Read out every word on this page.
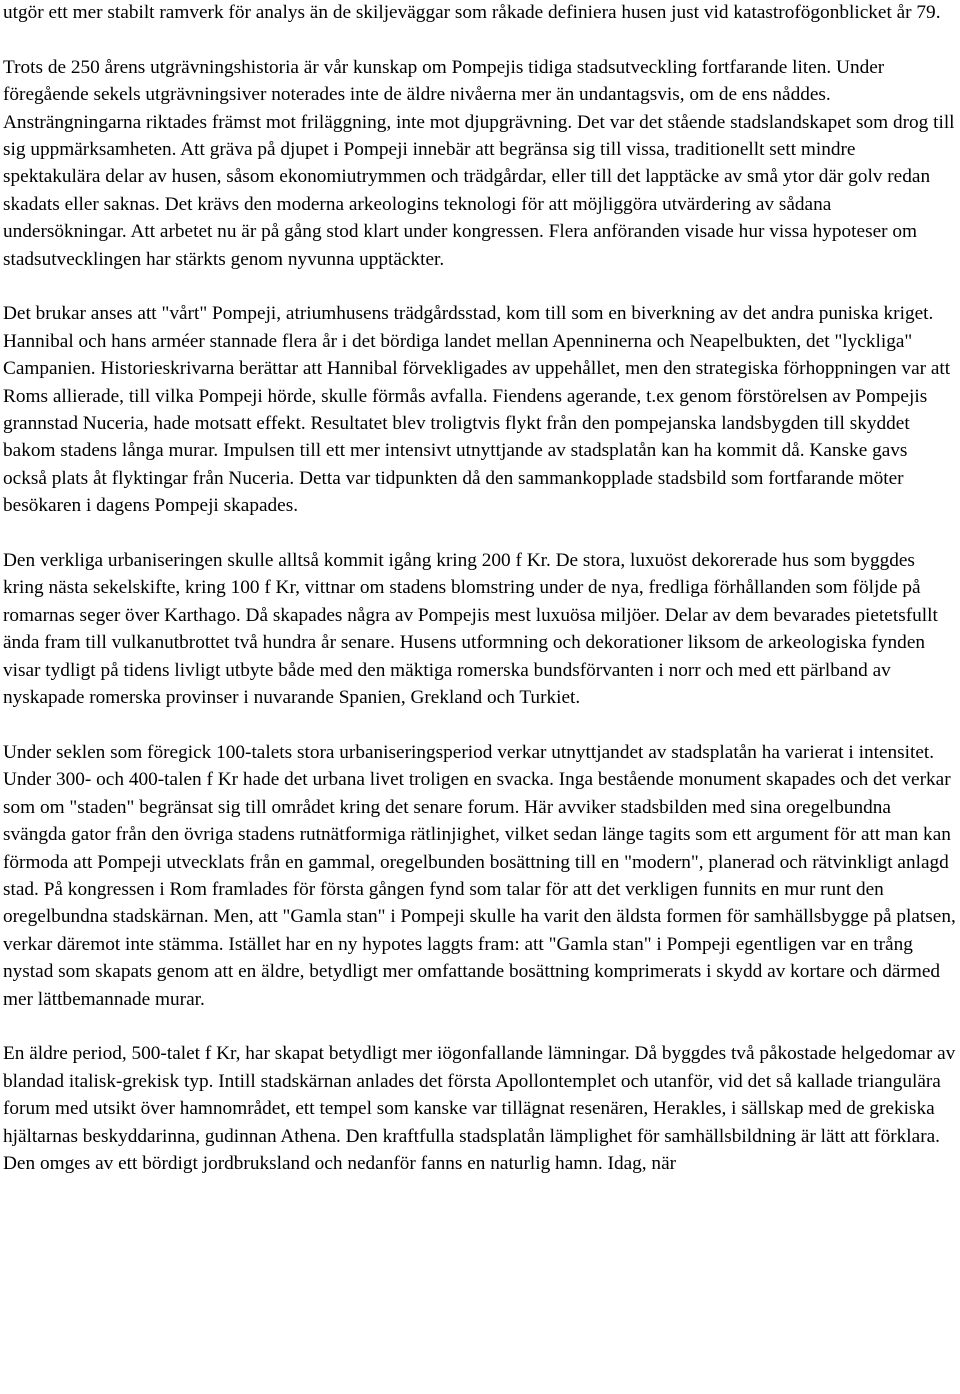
utgör ett mer stabilt ramverk för analys än de skiljeväggar som råkade definiera husen just vid katastrofögonblicket år 79.

Trots de 250 årens utgrävningshistoria är vår kunskap om Pompejis tidiga stadsutveckling fortfarande liten. Under föregående sekels utgrävningsiver noterades inte de äldre nivåerna mer än undantagsvis, om de ens nåddes. Ansträngningarna riktades främst mot friläggning, inte mot djupgrävning. Det var det stående stadslandskapet som drog till sig uppmärksamheten. Att gräva på djupet i Pompeji innebär att begränsa sig till vissa, traditionellt sett mindre spektakulära delar av husen, såsom ekonomiutrymmen och trädgårdar, eller till det lapptäcke av små ytor där golv redan skadats eller saknas. Det krävs den moderna arkeologins teknologi för att möjliggöra utvärdering av sådana undersökningar. Att arbetet nu är på gång stod klart under kongressen. Flera anföranden visade hur vissa hypoteser om stadsutvecklingen har stärkts genom nyvunna upptäckter.

Det brukar anses att "vårt" Pompeji, atriumhusens trädgårdsstad, kom till som en biverkning av det andra puniska kriget. Hannibal och hans arméer stannade flera år i det bördiga landet mellan Apenninerna och Neapelbukten, det "lyckliga" Campanien. Historieskrivarna berättar att Hannibal förvekligades av uppehållet, men den strategiska förhoppningen var att Roms allierade, till vilka Pompeji hörde, skulle förmås avfalla. Fiendens agerande, t.ex genom förstörelsen av Pompejis grannstad Nuceria, hade motsatt effekt. Resultatet blev troligtvis flykt från den pompejanska landsbygden till skyddet bakom stadens långa murar. Impulsen till ett mer intensivt utnyttjande av stadsplatån kan ha kommit då. Kanske gavs också plats åt flyktingar från Nuceria. Detta var tidpunkten då den sammankopplade stadsbild som fortfarande möter besökaren i dagens Pompeji skapades.

Den verkliga urbaniseringen skulle alltså kommit igång kring 200 f Kr. De stora, luxuöst dekorerade hus som byggdes kring nästa sekelskifte, kring 100 f Kr, vittnar om stadens blomstring under de nya, fredliga förhållanden som följde på romarnas seger över Karthago. Då skapades några av Pompejis mest luxuösa miljöer. Delar av dem bevarades pietetsfullt ända fram till vulkanutbrottet två hundra år senare. Husens utformning och dekorationer liksom de arkeologiska fynden visar tydligt på tidens livligt utbyte både med den mäktiga romerska bundsförvanten i norr och med ett pärlband av nyskapade romerska provinser i nuvarande Spanien, Grekland och Turkiet.

Under seklen som föregick 100-talets stora urbaniseringsperiod verkar utnyttjandet av stadsplatån ha varierat i intensitet. Under 300- och 400-talen f Kr hade det urbana livet troligen en svacka. Inga bestående monument skapades och det verkar som om "staden" begränsat sig till området kring det senare forum. Här avviker stadsbilden med sina oregelbundna svängda gator från den övriga stadens rutnätformiga rätlinjighet, vilket sedan länge tagits som ett argument för att man kan förmoda att Pompeji utvecklats från en gammal, oregelbunden bosättning till en "modern", planerad och rätvinkligt anlagd stad. På kongressen i Rom framlades för första gången fynd som talar för att det verkligen funnits en mur runt den oregelbundna stadskärnan. Men, att "Gamla stan" i Pompeji skulle ha varit den äldsta formen för samhällsbygge på platsen, verkar däremot inte stämma. Istället har en ny hypotes laggts fram: att "Gamla stan" i Pompeji egentligen var en trång nystad som skapats genom att en äldre, betydligt mer omfattande bosättning komprimerats i skydd av kortare och därmed mer lättbemannade murar.

En äldre period, 500-talet f Kr, har skapat betydligt mer iögonfallande lämningar. Då byggdes två påkostade helgedomar av blandad italisk-grekisk typ. Intill stadskärnan anlades det första Apollontemplet och utanför, vid det så kallade triangulära forum med utsikt över hamnområdet, ett tempel som kanske var tillägnat resenären, Herakles, i sällskap med de grekiska hjältarnas beskyddarinna, gudinnan Athena. Den kraftfulla stadsplatån lämplighet för samhällsbildning är lätt att förklara. Den omges av ett bördigt jordbruksland och nedanför fanns en naturlig hamn. Idag, när
